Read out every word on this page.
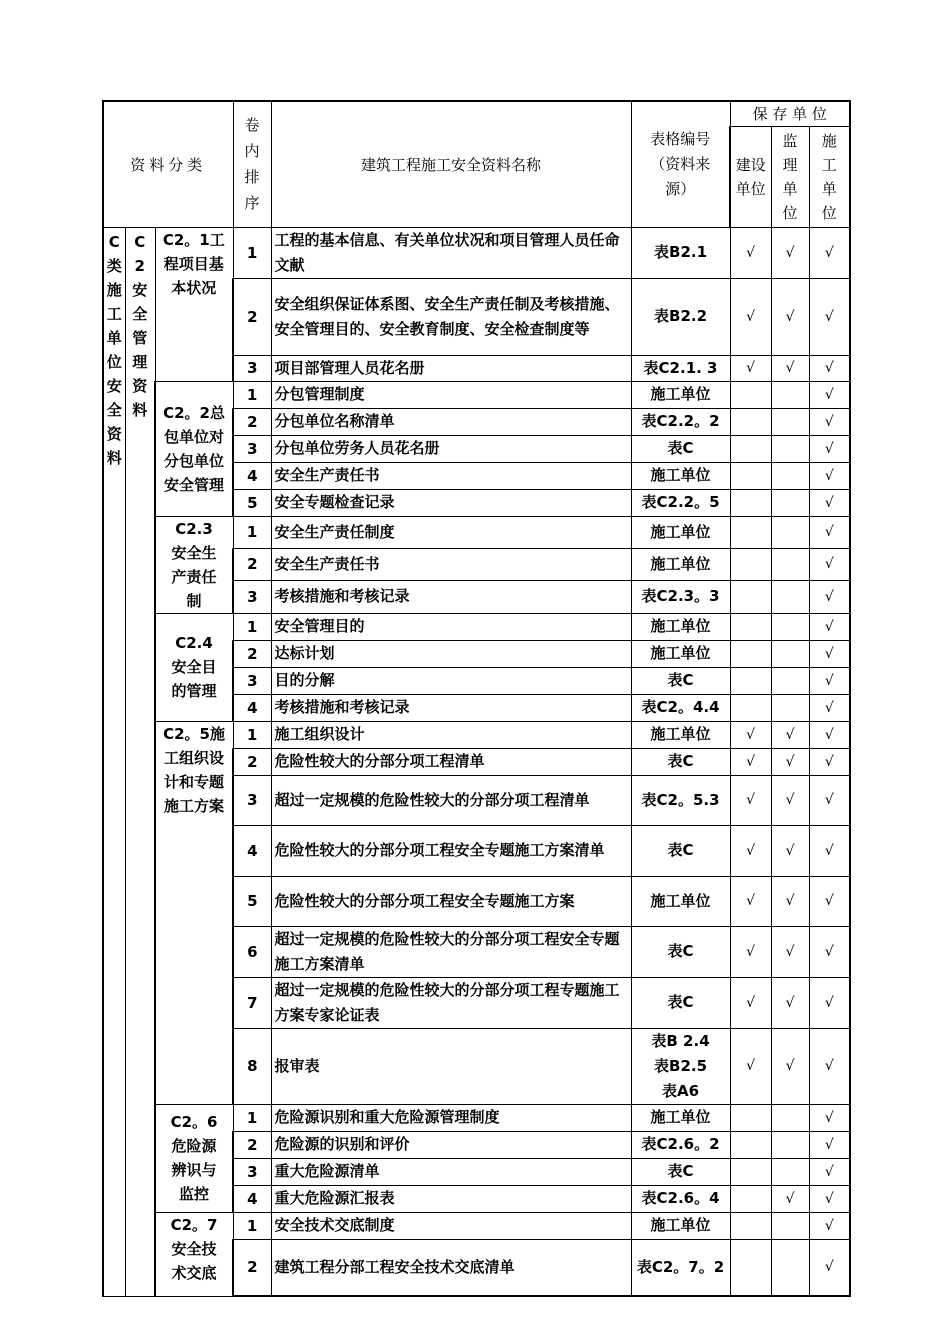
资料分类			卷内排序	建筑工程施工安全资料名称	表格编号（资料来源）	保 存 单 位		
						建设单位	监理单位	施工单位
C类施工单位安全资料	C2安全管理资料	C2。1工程项目基本状况	1	工程的基本信息、有关单位状况和项目管理人员任命文献	表B2.1	√	√	√
			2	安全组织保证体系图、安全生产责任制及考核措施、安全管理目的、安全教育制度、安全检查制度等	表B2.2	√	√	√
			3	项目部管理人员花名册	表C2.1. 3	√	√	√
		C2。2总包单位对分包单位安全管理	1	分包管理制度	施工单位			√
			2	分包单位名称清单	表C2.2。2			√
			3	分包单位劳务人员花名册	表C			√
			4	安全生产责任书	施工单位			√
			5	安全专题检查记录	表C2.2。5			√
		C2.3安全生产责任制	1	安全生产责任制度	施工单位			√
			2	安全生产责任书	施工单位			√
			3	考核措施和考核记录	表C2.3。3			√
		C2.4安全目的管理	1	安全管理目的	施工单位			√
			2	达标计划	施工单位			√
			3	目的分解	表C			√
			4	考核措施和考核记录	表C2。4.4			√
		C2。5施工组织设计和专题施工方案	1	施工组织设计	施工单位	√	√	√
			2	危险性较大的分部分项工程清单	表C	√	√	√
			3	超过一定规模的危险性较大的分部分项工程清单	表C2。5.3	√	√	√
			4	危险性较大的分部分项工程安全专题施工方案清单	表C	√	√	√
			5	危险性较大的分部分项工程安全专题施工方案	施工单位	√	√	√
			6	超过一定规模的危险性较大的分部分项工程安全专题施工方案清单	表C	√	√	√
			7	超过一定规模的危险性较大的分部分项工程专题施工方案专家论证表	表C	√	√	√
			8	报审表	表B 2.4 表B2.5 表A6	√	√	√
		C2。6危险源辨识与监控	1	危险源识别和重大危险源管理制度	施工单位			√
			2	危险源的识别和评价	表C2.6。2			√
			3	重大危险源清单	表C			√
			4	重大危险源汇报表	表C2.6。4		√	√
		C2。7安全技术交底	1	安全技术交底制度	施工单位			√
			2	建筑工程分部工程安全技术交底清单	表C2。7。2			√
